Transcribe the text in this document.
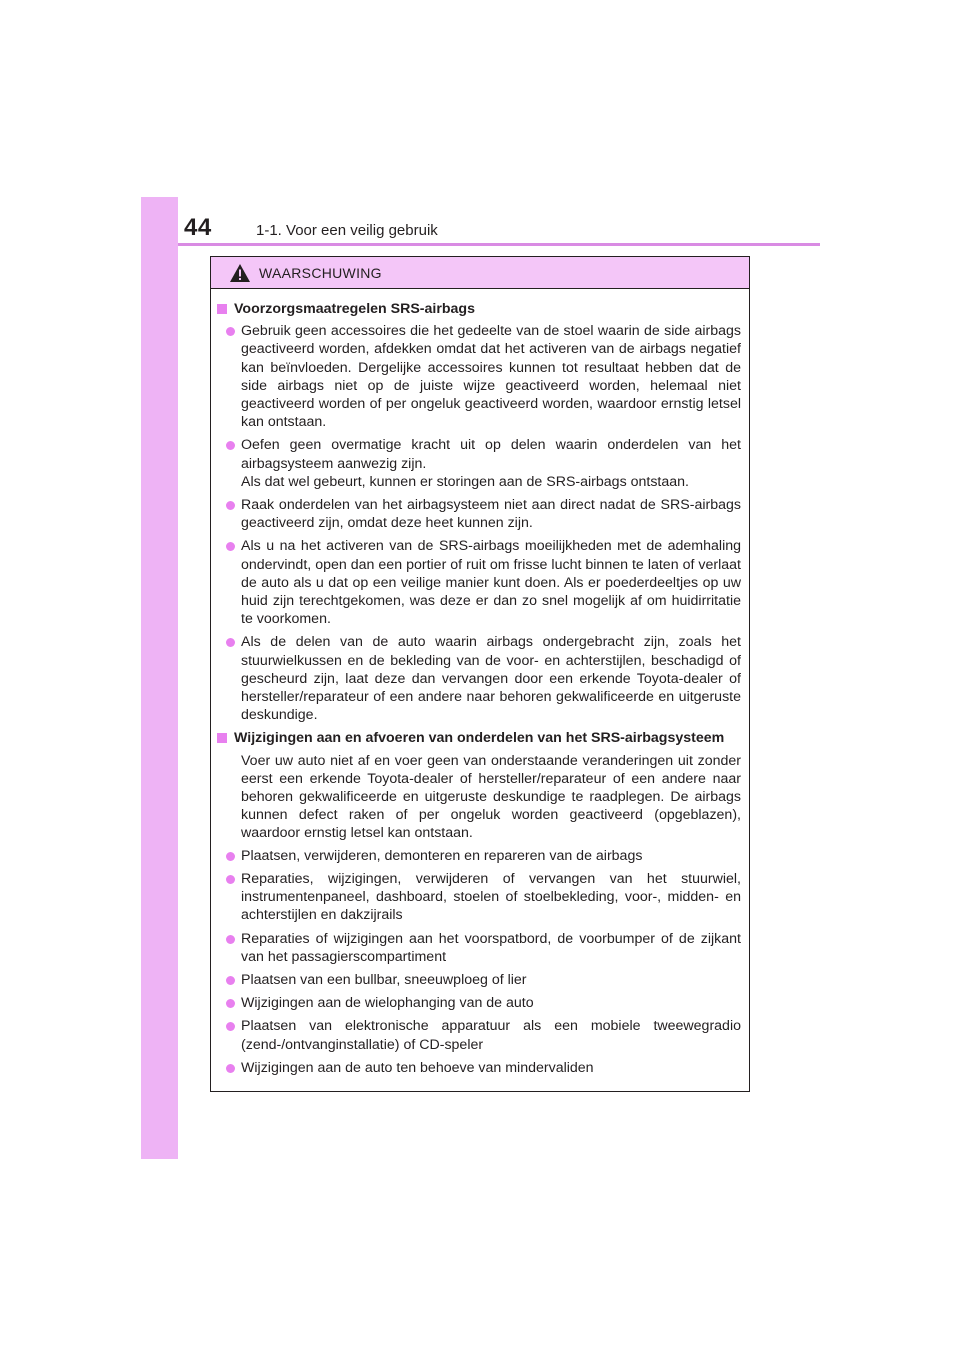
44	1-1. Voor een veilig gebruik
WAARSCHUWING
Voorzorgsmaatregelen SRS-airbags
Gebruik geen accessoires die het gedeelte van de stoel waarin de side airbags geactiveerd worden, afdekken omdat dat het activeren van de airbags negatief kan beïnvloeden. Dergelijke accessoires kunnen tot resultaat hebben dat de side airbags niet op de juiste wijze geactiveerd worden, helemaal niet geactiveerd worden of per ongeluk geactiveerd worden, waardoor ernstig letsel kan ontstaan.
Oefen geen overmatige kracht uit op delen waarin onderdelen van het airbagsysteem aanwezig zijn.
Als dat wel gebeurt, kunnen er storingen aan de SRS-airbags ontstaan.
Raak onderdelen van het airbagsysteem niet aan direct nadat de SRS-airbags geactiveerd zijn, omdat deze heet kunnen zijn.
Als u na het activeren van de SRS-airbags moeilijkheden met de ademhaling ondervindt, open dan een portier of ruit om frisse lucht binnen te laten of verlaat de auto als u dat op een veilige manier kunt doen. Als er poederdeeltjes op uw huid zijn terechtgekomen, was deze er dan zo snel mogelijk af om huidirritatie te voorkomen.
Als de delen van de auto waarin airbags ondergebracht zijn, zoals het stuurwielkussen en de bekleding van de voor- en achterstijlen, beschadigd of gescheurd zijn, laat deze dan vervangen door een erkende Toyota-dealer of hersteller/reparateur of een andere naar behoren gekwalificeerde en uitgeruste deskundige.
Wijzigingen aan en afvoeren van onderdelen van het SRS-airbagsysteem
Voer uw auto niet af en voer geen van onderstaande veranderingen uit zonder eerst een erkende Toyota-dealer of hersteller/reparateur of een andere naar behoren gekwalificeerde en uitgeruste deskundige te raadplegen. De airbags kunnen defect raken of per ongeluk worden geactiveerd (opgeblazen), waardoor ernstig letsel kan ontstaan.
Plaatsen, verwijderen, demonteren en repareren van de airbags
Reparaties, wijzigingen, verwijderen of vervangen van het stuurwiel, instrumentenpaneel, dashboard, stoelen of stoelbekleding, voor-, midden- en achterstijlen en dakzijrails
Reparaties of wijzigingen aan het voorspatbord, de voorbumper of de zijkant van het passagierscompartiment
Plaatsen van een bullbar, sneeuwploeg of lier
Wijzigingen aan de wielophanging van de auto
Plaatsen van elektronische apparatuur als een mobiele tweewegradio (zend-/ontvanginstallatie) of CD-speler
Wijzigingen aan de auto ten behoeve van mindervaliden
